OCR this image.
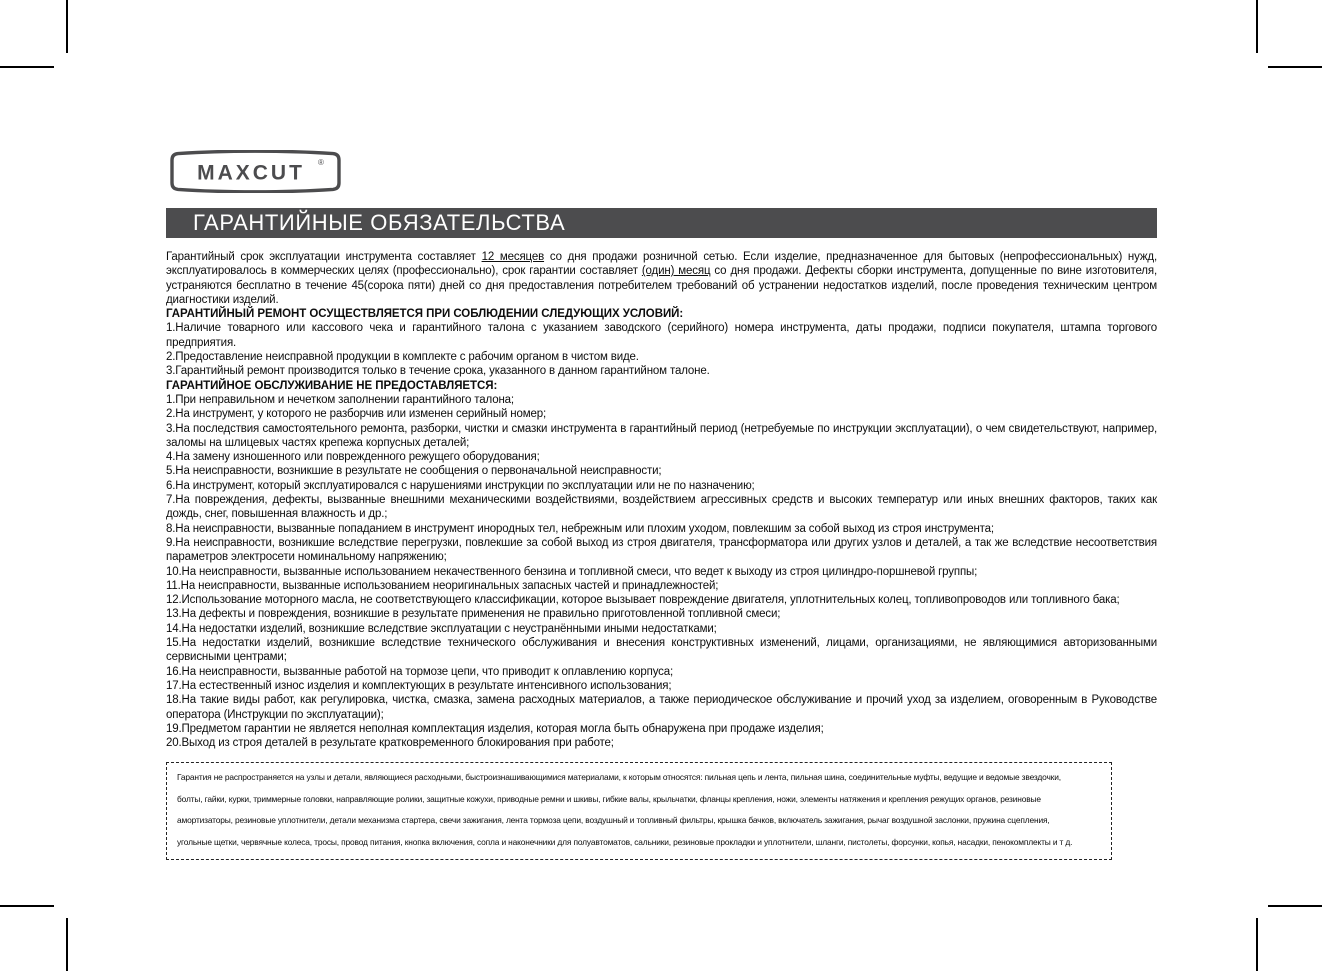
MAXCUT ®
ГАРАНТИЙНЫЕ ОБЯЗАТЕЛЬСТВА
Гарантийный срок эксплуатации инструмента составляет 12 месяцев со дня продажи розничной сетью. Если изделие, предназначенное для бытовых (непрофессиональных) нужд, эксплуатировалось в коммерческих целях (профессионально), срок гарантии составляет (один) месяц со дня продажи. Дефекты сборки инструмента, допущенные по вине изготовителя, устраняются бесплатно в течение 45(сорока пяти) дней со дня предоставления потребителем требований об устранении недостатков изделий, после проведения техническим центром диагностики изделий.
ГАРАНТИЙНЫЙ РЕМОНТ ОСУЩЕСТВЛЯЕТСЯ ПРИ СОБЛЮДЕНИИ СЛЕДУЮЩИХ УСЛОВИЙ:
1.Наличие товарного или кассового чека и гарантийного талона с указанием заводского (серийного) номера инструмента, даты продажи, подписи покупателя, штампа торгового предприятия.
2.Предоставление неисправной продукции в комплекте с рабочим органом в чистом виде.
3.Гарантийный ремонт производится только в течение срока, указанного в данном гарантийном талоне.
ГАРАНТИЙНОЕ ОБСЛУЖИВАНИЕ НЕ ПРЕДОСТАВЛЯЕТСЯ:
1.При неправильном и нечетком заполнении гарантийного талона;
2.На инструмент, у которого не разборчив или изменен серийный номер;
3.На последствия самостоятельного ремонта, разборки, чистки и смазки инструмента в гарантийный период (нетребуемые по инструкции эксплуатации), о чем свидетельствуют, например, заломы на шлицевых частях крепежа корпусных деталей;
4.На замену изношенного или поврежденного режущего оборудования;
5.На неисправности, возникшие в результате не сообщения о первоначальной неисправности;
6.На инструмент, который эксплуатировался с нарушениями инструкции по эксплуатации или не по назначению;
7.На повреждения, дефекты, вызванные внешними механическими воздействиями, воздействием агрессивных средств и высоких температур или иных внешних факторов, таких как дождь, снег, повышенная влажность и др.;
8.На неисправности, вызванные попаданием в инструмент инородных тел, небрежным или плохим уходом, повлекшим за собой выход из строя инструмента;
9.На неисправности, возникшие вследствие перегрузки, повлекшие за собой выход из строя двигателя, трансформатора или других узлов и деталей, а так же вследствие несоответствия параметров электросети номинальному напряжению;
10.На неисправности, вызванные использованием некачественного бензина и топливной смеси, что ведет к выходу из строя цилиндро-поршневой группы;
11.На неисправности, вызванные использованием неоригинальных запасных частей и принадлежностей;
12.Использование моторного масла, не соответствующего классификации, которое вызывает повреждение двигателя, уплотнительных колец, топливопроводов или топливного бака;
13.На дефекты и повреждения, возникшие в результате применения не правильно приготовленной топливной смеси;
14.На недостатки изделий, возникшие вследствие эксплуатации с неустранёнными иными недостатками;
15.На недостатки изделий, возникшие вследствие технического обслуживания и внесения конструктивных изменений, лицами, организациями, не являющимися авторизованными сервисными центрами;
16.На неисправности, вызванные работой на тормозе цепи, что приводит к оплавлению корпуса;
17.На естественный износ изделия и комплектующих в результате интенсивного использования;
18.На такие виды работ, как регулировка, чистка, смазка, замена расходных материалов, а также периодическое обслуживание и прочий уход за изделием, оговоренным в Руководстве оператора (Инструкции по эксплуатации);
19.Предметом гарантии не является неполная комплектация изделия, которая могла быть обнаружена при продаже изделия;
20.Выход из строя деталей в результате кратковременного блокирования при работе;
Гарантия не распространяется на узлы и детали, являющиеся расходными, быстроизнашивающимися материалами, к которым относятся: пильная цепь и лента, пильная шина, соединительные муфты, ведущие и ведомые звездочки,
болты, гайки, курки, триммерные головки, направляющие ролики, защитные кожухи, приводные ремни и шкивы, гибкие валы, крыльчатки, фланцы крепления, ножи, элементы натяжения и крепления режущих органов, резиновые
амортизаторы, резиновые уплотнители, детали механизма стартера, свечи зажигания, лента тормоза цепи, воздушный и топливный фильтры, крышка бачков, включатель зажигания, рычаг воздушной заслонки, пружина сцепления,
угольные щетки, червячные колеса, тросы, провод питания, кнопка включения, сопла и наконечники для полуавтоматов, сальники, резиновые прокладки и уплотнители, шланги, пистолеты, форсунки, копья, насадки, пенокомплекты и т д.
